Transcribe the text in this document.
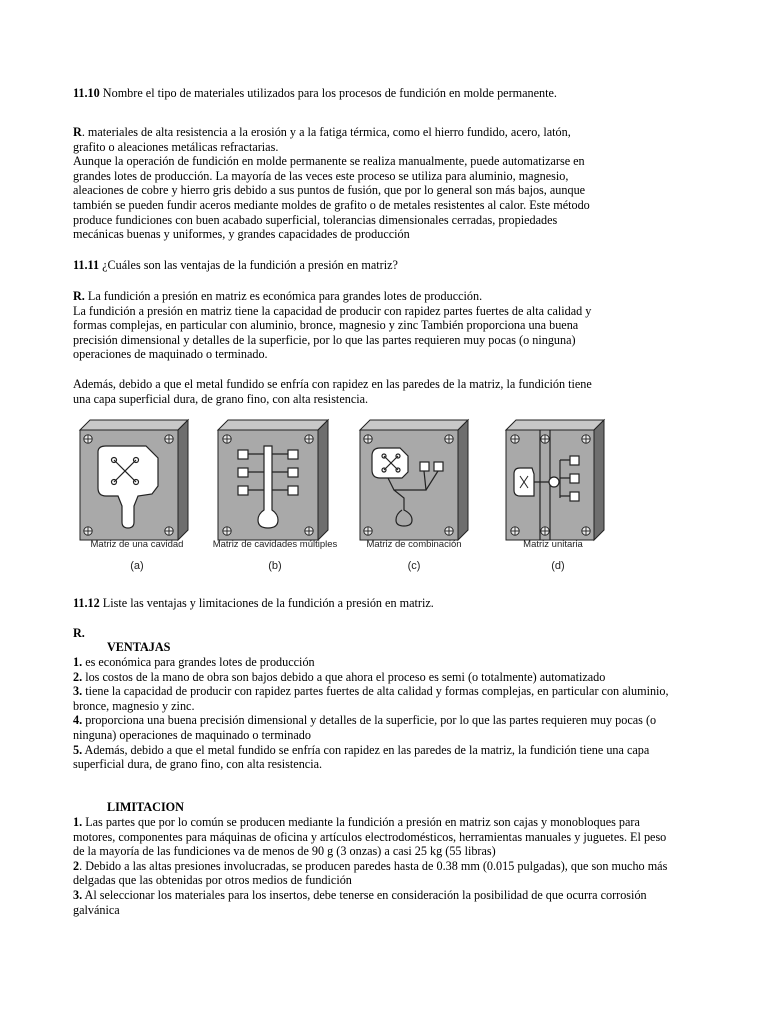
11.10 Nombre el tipo de materiales utilizados para los procesos de fundición en molde permanente.

R. materiales de alta resistencia a la erosión y a la fatiga térmica, como el hierro fundido, acero, latón,

grafito o aleaciones metálicas refractarias.

Aunque la operación de fundición en molde permanente se realiza manualmente, puede automatizarse en

grandes lotes de producción. La mayoría de las veces este proceso se utiliza para aluminio, magnesio,

aleaciones de cobre y hierro gris debido a sus puntos de fusión, que por lo general son más bajos, aunque

también se pueden fundir aceros mediante moldes de grafito o de metales resistentes al calor. Este método

produce fundiciones con buen acabado superficial, tolerancias dimensionales cerradas, propiedades

mecánicas buenas y uniformes, y grandes capacidades de producción

11.11 ¿Cuáles son las ventajas de la fundición a presión en matriz?

R. La fundición a presión en matriz es económica para grandes lotes de producción.

La fundición a presión en matriz tiene la capacidad de producir con rapidez partes fuertes de alta calidad y

formas complejas, en particular con aluminio, bronce, magnesio y zinc También proporciona una buena

precisión dimensional y detalles de la superficie, por lo que las partes requieren muy pocas (o ninguna)

operaciones de maquinado o terminado.

Además, debido a que el metal fundido se enfría con rapidez en las paredes de la matriz, la fundición tiene

una capa superficial dura, de grano fino, con alta resistencia.

Matriz de una cavidad	Matriz de cavidades múltiples	Matriz de combinación	Matriz unitaria
(a)	(b)	(c)	(d)

11.12 Liste las ventajas y limitaciones de la fundición a presión en matriz.

R.
VENTAJAS

1. es económica para grandes lotes de producción

2. los costos de la mano de obra son bajos debido a que ahora el proceso es semi (o totalmente) automatizado

3. tiene la capacidad de producir con rapidez partes fuertes de alta calidad y formas complejas, en particular con aluminio, bronce, magnesio y zinc.

4. proporciona una buena precisión dimensional y detalles de la superficie, por lo que las partes requieren muy pocas (o ninguna) operaciones de maquinado o terminado

5. Además, debido a que el metal fundido se enfría con rapidez en las paredes de la matriz, la fundición tiene una capa superficial dura, de grano fino, con alta resistencia.

LIMITACION

1. Las partes que por lo común se producen mediante la fundición a presión en matriz son cajas y monobloques para motores, componentes para máquinas de oficina y artículos electrodomésticos, herramientas manuales y juguetes. El peso de la mayoría de las fundiciones va de menos de 90 g (3 onzas) a casi 25 kg (55 libras)

2. Debido a las altas presiones involucradas, se producen paredes hasta de 0.38 mm (0.015 pulgadas), que son mucho más delgadas que las obtenidas por otros medios de fundición

3. Al seleccionar los materiales para los insertos, debe tenerse en consideración la posibilidad de que ocurra corrosión galvánica
